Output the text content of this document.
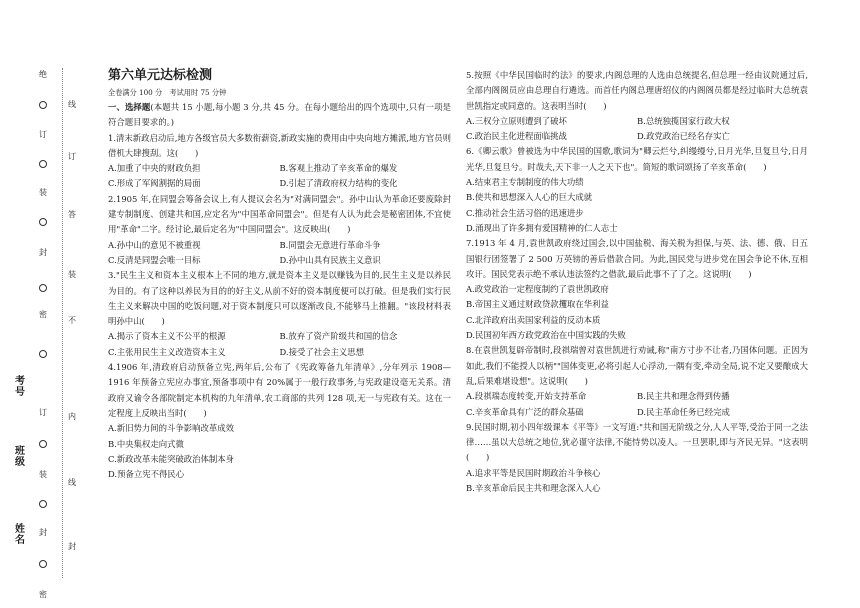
绝
订
装
封
密
订
装
封
密
订
答
装
不
内
线
封
线
考号
班级
姓名

第六单元达标检测

全卷满分 100 分　考试用时 75 分钟

一、选择题(本题共 15 小题,每小题 3 分,共 45 分。在每小题给出的四个选项中,只有一项是符合题目要求的。)

1.清末新政启动后,地方各级官员大多数衔薪资,新政实施的费用由中央向地方摊派,地方官员则借机大肆搜刮。这(　　)

A.加重了中央的财政负担	B.客观上推动了辛亥革命的爆发
C.形成了军阀割据的局面	D.引起了清政府权力结构的变化

2.1905 年,在同盟会筹备会议上,有人提议会名为"对满同盟会"。孙中山认为革命还要废除封建专制制度、创建共和国,应定名为"中国革命同盟会"。但是有人认为此会是秘密团体,不宜使用"革命"二字。经讨论,最后定名为"中国同盟会"。这反映出(　　)

A.孙中山的意见不被重视	B.同盟会无意进行革命斗争
C.反清是同盟会唯一目标	D.孙中山具有民族主义意识

3."民生主义和资本主义根本上不同的地方,就是资本主义是以赚钱为目的,民生主义是以养民为目的。有了这种以养民为目的的好主义,从前不好的资本制度便可以打破。但是我们实行民生主义来解决中国的吃饭问题,对于资本制度只可以逐渐改良,不能够马上推翻。"该段材料表明孙中山(　　)

A.揭示了资本主义不公平的根源	B.放弃了资产阶级共和国的信念
C.主张用民生主义改造资本主义	D.接受了社会主义思想

4.1906 年,清政府启动预备立宪,两年后,公布了《宪政筹备九年清单》,分年列示 1908—1916 年预备立宪应办事宜,预备事项中有 20%属于一般行政事务,与宪政建设毫无关系。清政府又谕令各部院制定本机构的九年清单,农工商部的共列 128 项,无一与宪政有关。这在一定程度上反映出当时(　　)

A.新旧势力间的斗争影响改革成效

B.中央集权走向式微

C.新政改革未能突破政治体制本身

D.预备立宪不得民心

5.按照《中华民国临时约法》的要求,内阁总理的人选由总统提名,但总理一经由议院通过后,全部内阁阁员应由总理自行遴选。而首任内阁总理唐绍仪的内阁阁员都是经过临时大总统袁世凯指定或同意的。这表明当时(　　)

A.三权分立原则遭到了破坏	B.总统独揽国家行政大权
C.政治民主化进程面临挑战	D.政党政治已经名存实亡

6.《卿云歌》曾被选为中华民国的国歌,歌词为"卿云烂兮,纠缦缦兮,日月光华,旦复旦兮,日月光华,旦复旦兮。时哉夫,天下非一人之天下也"。简短的歌词颂扬了辛亥革命(　　)

A.结束君主专制制度的伟大功绩

B.使共和思想深入人心的巨大成就

C.推动社会生活习俗的迅速进步

D.涌现出了许多拥有爱国精神的仁人志士

7.1913 年 4 月,袁世凯政府绕过国会,以中国盐税、海关税为担保,与英、法、德、俄、日五国银行团签署了 2 500 万英镑的善后借款合同。为此,国民党与进步党在国会争论不休,互相攻讦。国民党表示绝不承认违法签约之借款,最后此事不了了之。这说明(　　)

A.政党政治一定程度制约了袁世凯政府

B.帝国主义通过财政贷款攫取在华利益

C.北洋政府出卖国家利益的反动本质

D.民国初年西方政党政治在中国实践的失败

8.在袁世凯复辟帝制时,段祺瑞曾对袁世凯进行劝诫,称"南方寸步不让者,乃国体问题。正因为如此,我们不能授人以柄""国体变更,必将引起人心浮动,一隅有变,牵动全局,说不定又要酿成大乱,后果难堪设想"。这说明(　　)

A.段祺瑞态度转变,开始支持革命	B.民主共和理念得到传播
C.辛亥革命具有广泛的群众基础	D.民主革命任务已经完成

9.民国时期,初小四年级课本《平等》一文写道:"共和国无阶级之分,人人平等,受治于同一之法律……虽以大总统之地位,犹必谨守法律,不能恃势以凌人。一旦罢职,即与齐民无异。"这表明(　　)

A.追求平等是民国时期政治斗争核心

B.辛亥革命后民主共和理念深入人心
